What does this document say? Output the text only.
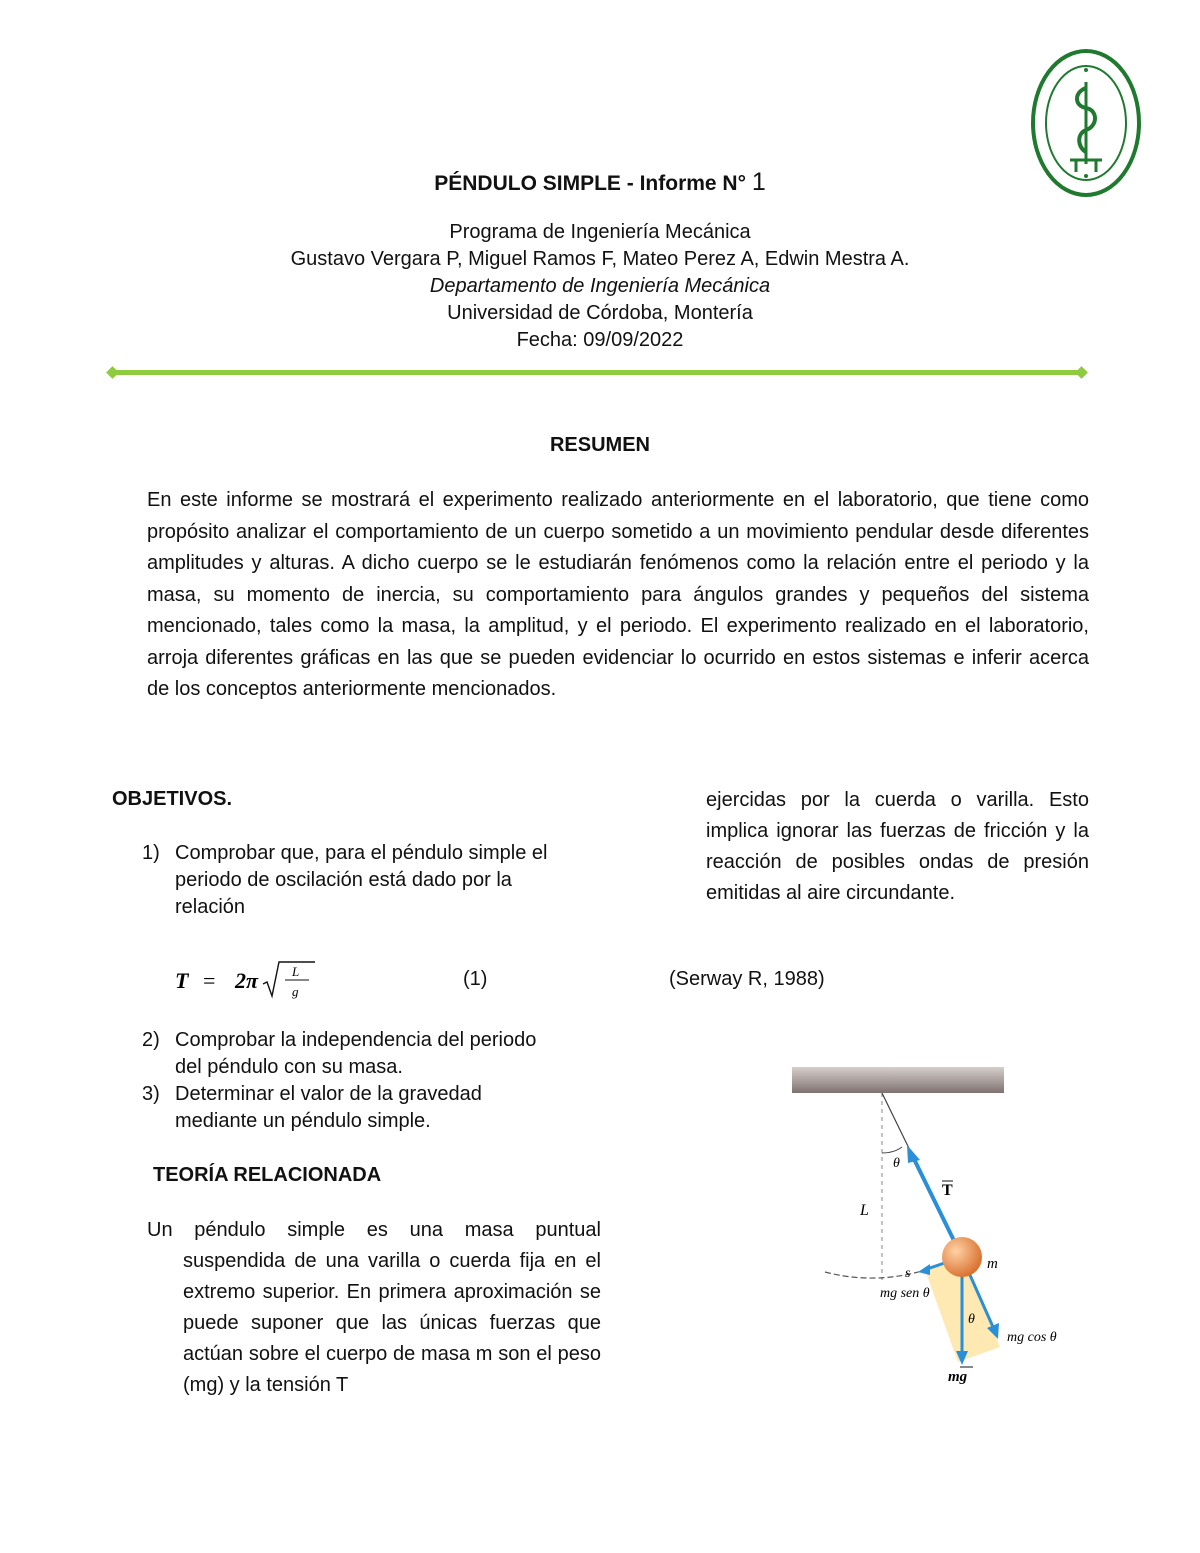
PÉNDULO SIMPLE - Informe N° 1
Programa de Ingeniería Mecánica
Gustavo Vergara P, Miguel Ramos F, Mateo Perez A, Edwin Mestra A.
Departamento de Ingeniería Mecánica
Universidad de Córdoba, Montería
Fecha: 09/09/2022
RESUMEN
En este informe se mostrará el experimento realizado anteriormente en el laboratorio, que tiene como propósito analizar el comportamiento de un cuerpo sometido a un movimiento pendular desde diferentes amplitudes y alturas. A dicho cuerpo se le estudiarán fenómenos como la relación entre el periodo y la masa, su momento de inercia, su comportamiento para ángulos grandes y pequeños del sistema mencionado, tales como la masa, la amplitud, y el periodo. El experimento realizado en el laboratorio, arroja diferentes gráficas en las que se pueden evidenciar lo ocurrido en estos sistemas e inferir acerca de los conceptos anteriormente mencionados.
OBJETIVOS.
1) Comprobar que, para el péndulo simple el periodo de oscilación está dado por la relación
T = 2π	L
g
(1)	(Serway R, 1988)
2) Comprobar la independencia del periodo del péndulo con su masa.
3) Determinar el valor de la gravedad mediante un péndulo simple.
TEORÍA RELACIONADA
Un péndulo simple es una masa puntual suspendida de una varilla o cuerda fija en el extremo superior. En primera aproximación se puede suponer que las únicas fuerzas que actúan sobre el cuerpo de masa m son el peso (mg) y la tensión T
ejercidas por la cuerda o varilla. Esto implica ignorar las fuerzas de fricción y la reacción de posibles ondas de presión emitidas al aire circundante.
θ
T
L
m
s
mg sen θ
θ
mg cos θ
mg
